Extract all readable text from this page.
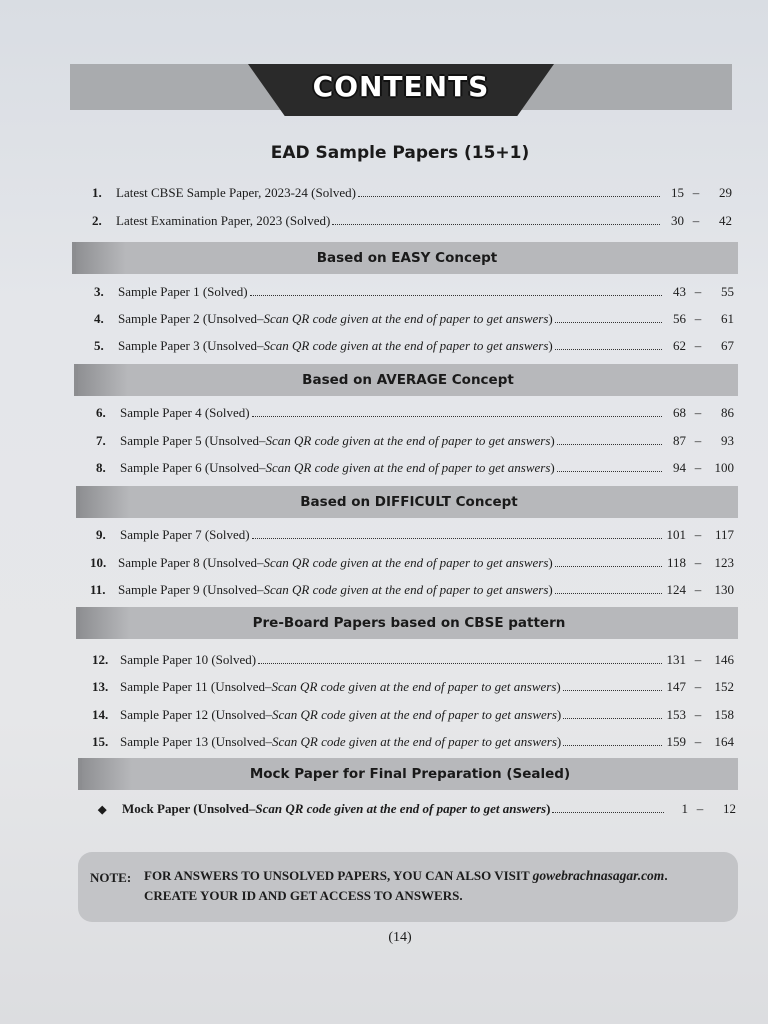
CONTENTS
EAD Sample Papers (15+1)
1.	Latest CBSE Sample Paper, 2023-24 (Solved)	15 –	29
2.	Latest Examination Paper, 2023 (Solved)	30 –	42
Based on EASY Concept
3.	Sample Paper 1 (Solved)	43 –	55
4.	Sample Paper 2 (Unsolved–Scan QR code given at the end of paper to get answers)	56 –	61
5.	Sample Paper 3 (Unsolved–Scan QR code given at the end of paper to get answers)	62 –	67
Based on AVERAGE Concept
6.	Sample Paper 4 (Solved)	68 –	86
7.	Sample Paper 5 (Unsolved–Scan QR code given at the end of paper to get answers)	87 –	93
8.	Sample Paper 6 (Unsolved–Scan QR code given at the end of paper to get answers)	94 –	100
Based on DIFFICULT Concept
9.	Sample Paper 7 (Solved)	101 –	117
10. Sample Paper 8 (Unsolved–Scan QR code given at the end of paper to get answers)	118 –	123
11. Sample Paper 9 (Unsolved–Scan QR code given at the end of paper to get answers)	124 –	130
Pre-Board Papers based on CBSE pattern
12. Sample Paper 10 (Solved)	131 –	146
13. Sample Paper 11 (Unsolved–Scan QR code given at the end of paper to get answers)	147 –	152
14. Sample Paper 12 (Unsolved–Scan QR code given at the end of paper to get answers)	153 –	158
15. Sample Paper 13 (Unsolved–Scan QR code given at the end of paper to get answers)	159 –	164
Mock Paper for Final Preparation (Sealed)
◆	Mock Paper (Unsolved–Scan QR code given at the end of paper to get answers)	1 –	12
NOTE: FOR ANSWERS TO UNSOLVED PAPERS, YOU CAN ALSO VISIT gowebrachnasagar.com.
CREATE YOUR ID AND GET ACCESS TO ANSWERS.
(14)
